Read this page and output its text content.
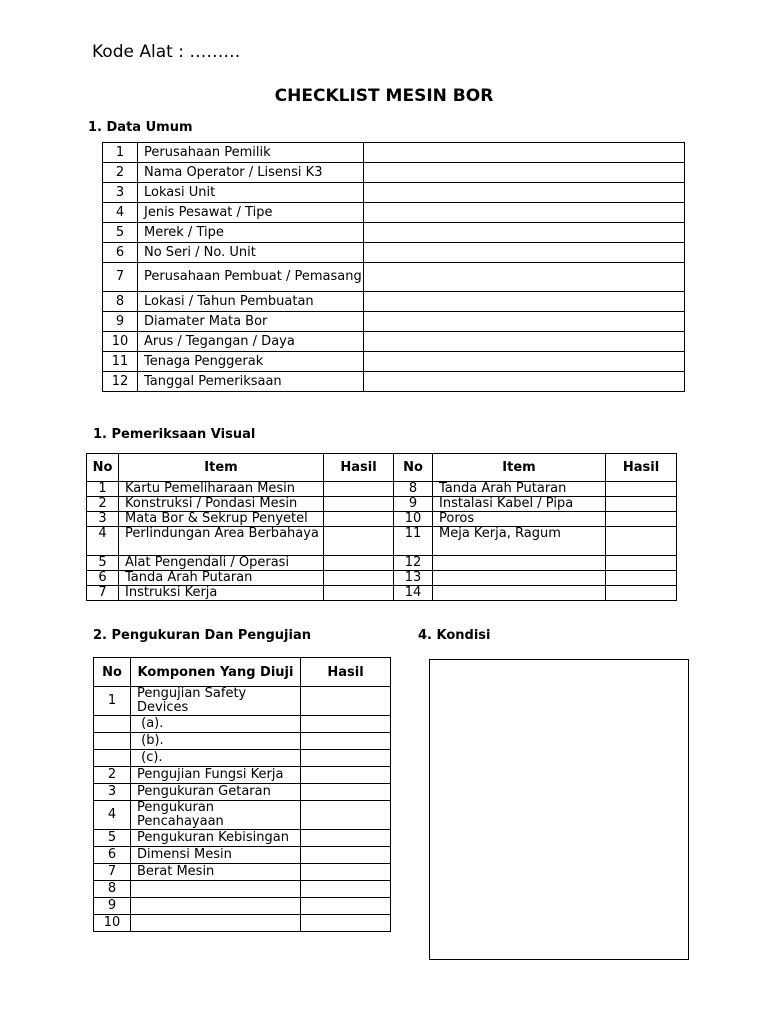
Kode Alat : ………
CHECKLIST MESIN BOR
1. Data Umum
1	Perusahaan Pemilik	
2	Nama Operator / Lisensi K3	
3	Lokasi Unit	
4	Jenis Pesawat / Tipe	
5	Merek / Tipe	
6	No Seri / No. Unit	
7	Perusahaan Pembuat / Pemasang	
8	Lokasi / Tahun Pembuatan	
9	Diamater Mata Bor	
10	Arus / Tegangan / Daya	
11	Tenaga Penggerak	
12	Tanggal Pemeriksaan	
1. Pemeriksaan Visual
No	Item	Hasil	No	Item	Hasil
1	Kartu Pemeliharaan Mesin		8	Tanda Arah Putaran	
2	Konstruksi / Pondasi Mesin		9	Instalasi Kabel / Pipa	
3	Mata Bor & Sekrup Penyetel		10	Poros	
4	Perlindungan Area Berbahaya		11	Meja Kerja, Ragum	
5	Alat Pengendali / Operasi		12		
6	Tanda Arah Putaran		13		
7	Instruksi Kerja		14		
2. Pengukuran Dan Pengujian	4. Kondisi
No	Komponen Yang Diuji	Hasil
1	Pengujian Safety Devices	
	(a).	
	(b).	
	(c).	
2	Pengujian Fungsi Kerja	
3	Pengukuran Getaran	
4	Pengukuran Pencahayaan	
5	Pengukuran Kebisingan	
6	Dimensi Mesin	
7	Berat Mesin	
8		
9		
10		
